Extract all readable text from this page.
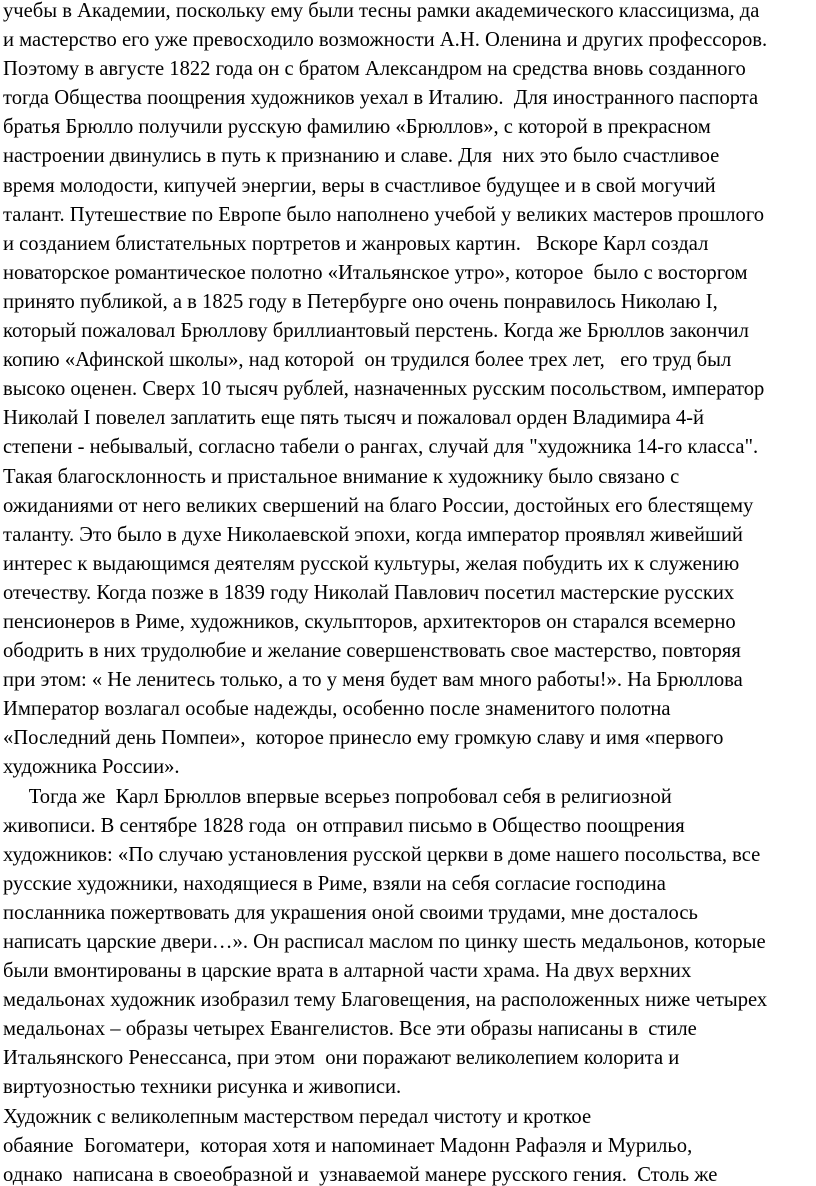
учебы в Академии, поскольку ему были тесны рамки академического классицизма, да
и мастерство его уже превосходило возможности А.Н. Оленина и других профессоров.
Поэтому в августе 1822 года он с братом Александром на средства вновь созданного
тогда Общества поощрения художников уехал в Италию.  Для иностранного паспорта
братья Брюлло получили русскую фамилию «Брюллов», с которой в прекрасном
настроении двинулись в путь к признанию и славе. Для  них это было счастливое
время молодости, кипучей энергии, веры в счастливое будущее и в свой могучий
талант. Путешествие по Европе было наполнено учебой у великих мастеров прошлого
и созданием блистательных портретов и жанровых картин.   Вскоре Карл создал
новаторское романтическое полотно «Итальянское утро», которое  было с восторгом
принято публикой, а в 1825 году в Петербурге оно очень понравилось Николаю I,
который пожаловал Брюллову бриллиантовый перстень. Когда же Брюллов закончил
копию «Афинской школы», над которой  он трудился более трех лет,   его труд был
высоко оценен. Сверх 10 тысяч рублей, назначенных русским посольством, император
Николай I повелел заплатить еще пять тысяч и пожаловал орден Владимира 4-й
степени - небывалый, согласно табели о рангах, случай для "художника 14-го класса".
Такая благосклонность и пристальное внимание к художнику было связано с
ожиданиями от него великих свершений на благо России, достойных его блестящему
таланту. Это было в духе Николаевской эпохи, когда император проявлял живейший
интерес к выдающимся деятелям русской культуры, желая побудить их к служению
отечеству. Когда позже в 1839 году Николай Павлович посетил мастерские русских
пенсионеров в Риме, художников, скульпторов, архитекторов он старался всемерно
ободрить в них трудолюбие и желание совершенствовать свое мастерство, повторяя
при этом: « Не ленитесь только, а то у меня будет вам много работы!». На Брюллова
Император возлагал особые надежды, особенно после знаменитого полотна
«Последний день Помпеи»,  которое принесло ему громкую славу и имя «первого
художника России».
Тогда же  Карл Брюллов впервые всерьез попробовал себя в религиозной
живописи. В сентябре 1828 года  он отправил письмо в Общество поощрения
художников: «По случаю установления русской церкви в доме нашего посольства, все
русские художники, находящиеся в Риме, взяли на себя согласие господина
посланника пожертвовать для украшения оной своими трудами, мне досталось
написать царские двери…». Он расписал маслом по цинку шесть медальонов, которые
были вмонтированы в царские врата в алтарной части храма. На двух верхних
медальонах художник изобразил тему Благовещения, на расположенных ниже четырех
медальонах – образы четырех Евангелистов. Все эти образы написаны в  стиле
Итальянского Ренессанса, при этом  они поражают великолепием колорита и
виртуозностью техники рисунка и живописи.
Художник с великолепным мастерством передал чистоту и кроткое
обаяние  Богоматери,  которая хотя и напоминает Мадонн Рафаэля и Мурильо,
однако  написана в своеобразной и  узнаваемой манере русского гения.  Столь же
